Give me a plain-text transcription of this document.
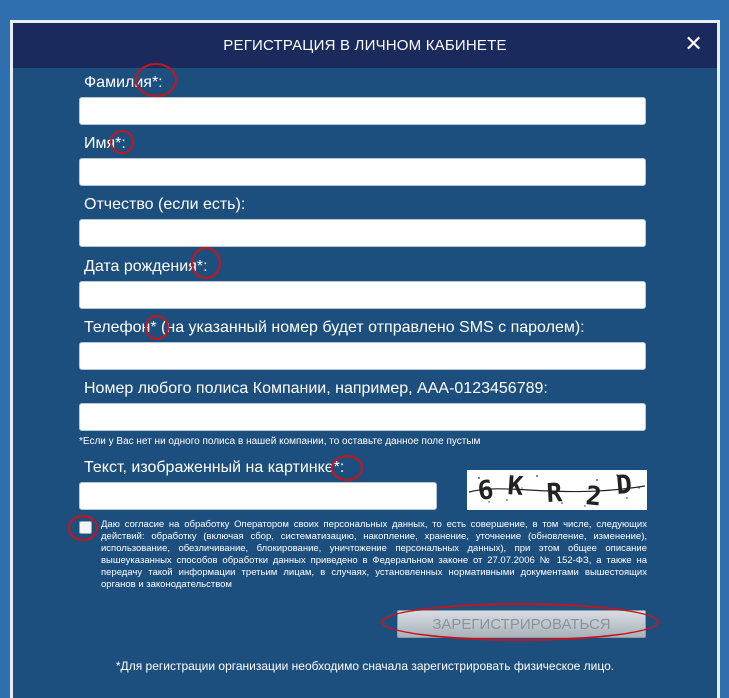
РЕГИСТРАЦИЯ В ЛИЧНОМ КАБИНЕТЕ	✕
Фамилия*:
Имя*:
Отчество (если есть):
Дата рождения*:
Телефон* (на указанный номер будет отправлено SMS с паролем):
Номер любого полиса Компании, например, ААА-0123456789:
*Если у Вас нет ни одного полиса в нашей компании, то оставьте данное поле пустым
Текст, изображенный на картинке*:
6 K R 2 D
Даю согласие на обработку Оператором своих персональных данных, то есть совершение, в том числе, следующих действий: обработку (включая сбор, систематизацию, накопление, хранение, уточнение (обновление, изменение), использование, обезличивание, блокирование, уничтожение персональных данных), при этом общее описание вышеуказанных способов обработки данных приведено в Федеральном законе от 27.07.2006 № 152-ФЗ, а также на передачу такой информации третьим лицам, в случаях, установленных нормативными документами вышестоящих органов и законодательством
ЗАРЕГИСТРИРОВАТЬСЯ
*Для регистрации организации необходимо сначала зарегистрировать физическое лицо.
